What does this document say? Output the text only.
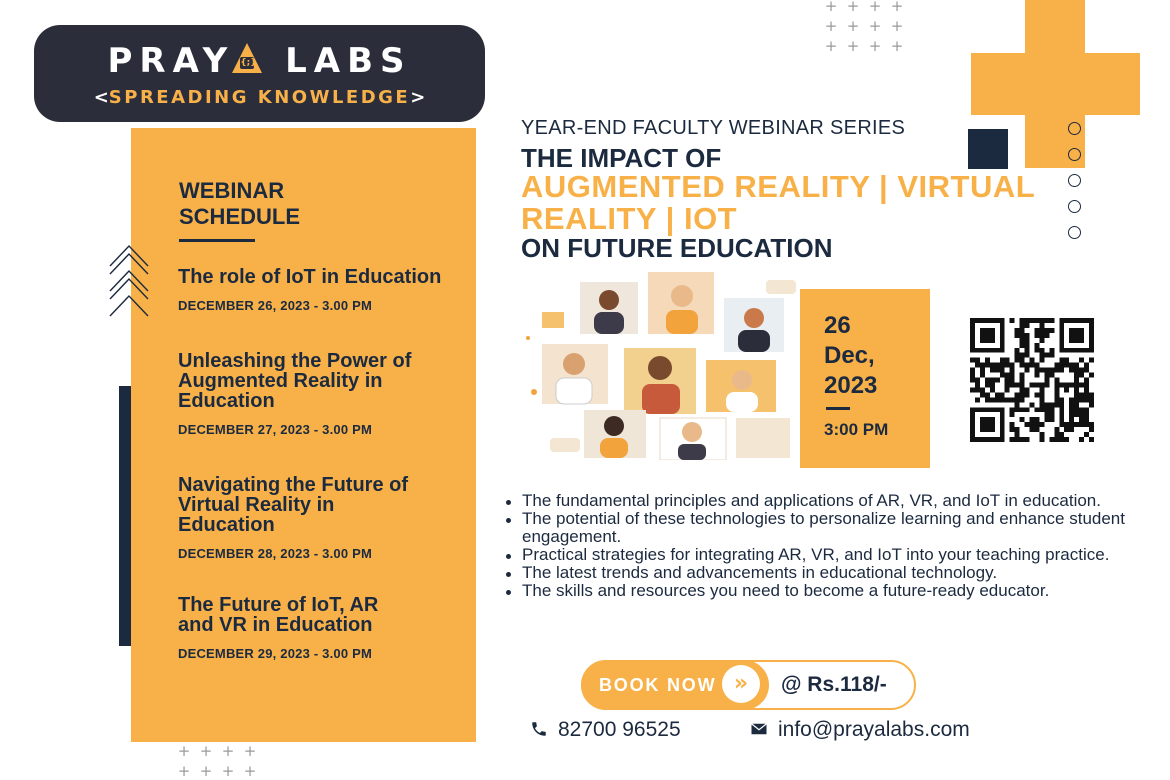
+ + + +
+ + + +
+ + + +
+ + + +
+ + + +
PRAY {;} LABS
<SPREADING KNOWLEDGE>
WEBINAR SCHEDULE
The role of IoT in Education
DECEMBER 26, 2023 - 3.00 PM
Unleashing the Power of Augmented Reality in Education
DECEMBER 27, 2023 - 3.00 PM
Navigating the Future of Virtual Reality in Education
DECEMBER 28, 2023 - 3.00 PM
The Future of IoT, AR and VR in Education
DECEMBER 29, 2023 - 3.00 PM
YEAR-END FACULTY WEBINAR SERIES
THE IMPACT OF
AUGMENTED REALITY | VIRTUAL REALITY | IOT
ON FUTURE EDUCATION
26
Dec,
2023
3:00 PM
The fundamental principles and applications of AR, VR, and IoT in education.
The potential of these technologies to personalize learning and enhance student engagement.
Practical strategies for integrating AR, VR, and IoT into your teaching practice.
The latest trends and advancements in educational technology.
The skills and resources you need to become a future-ready educator.
BOOK NOW »	@ Rs.118/-
82700 96525	info@prayalabs.com
